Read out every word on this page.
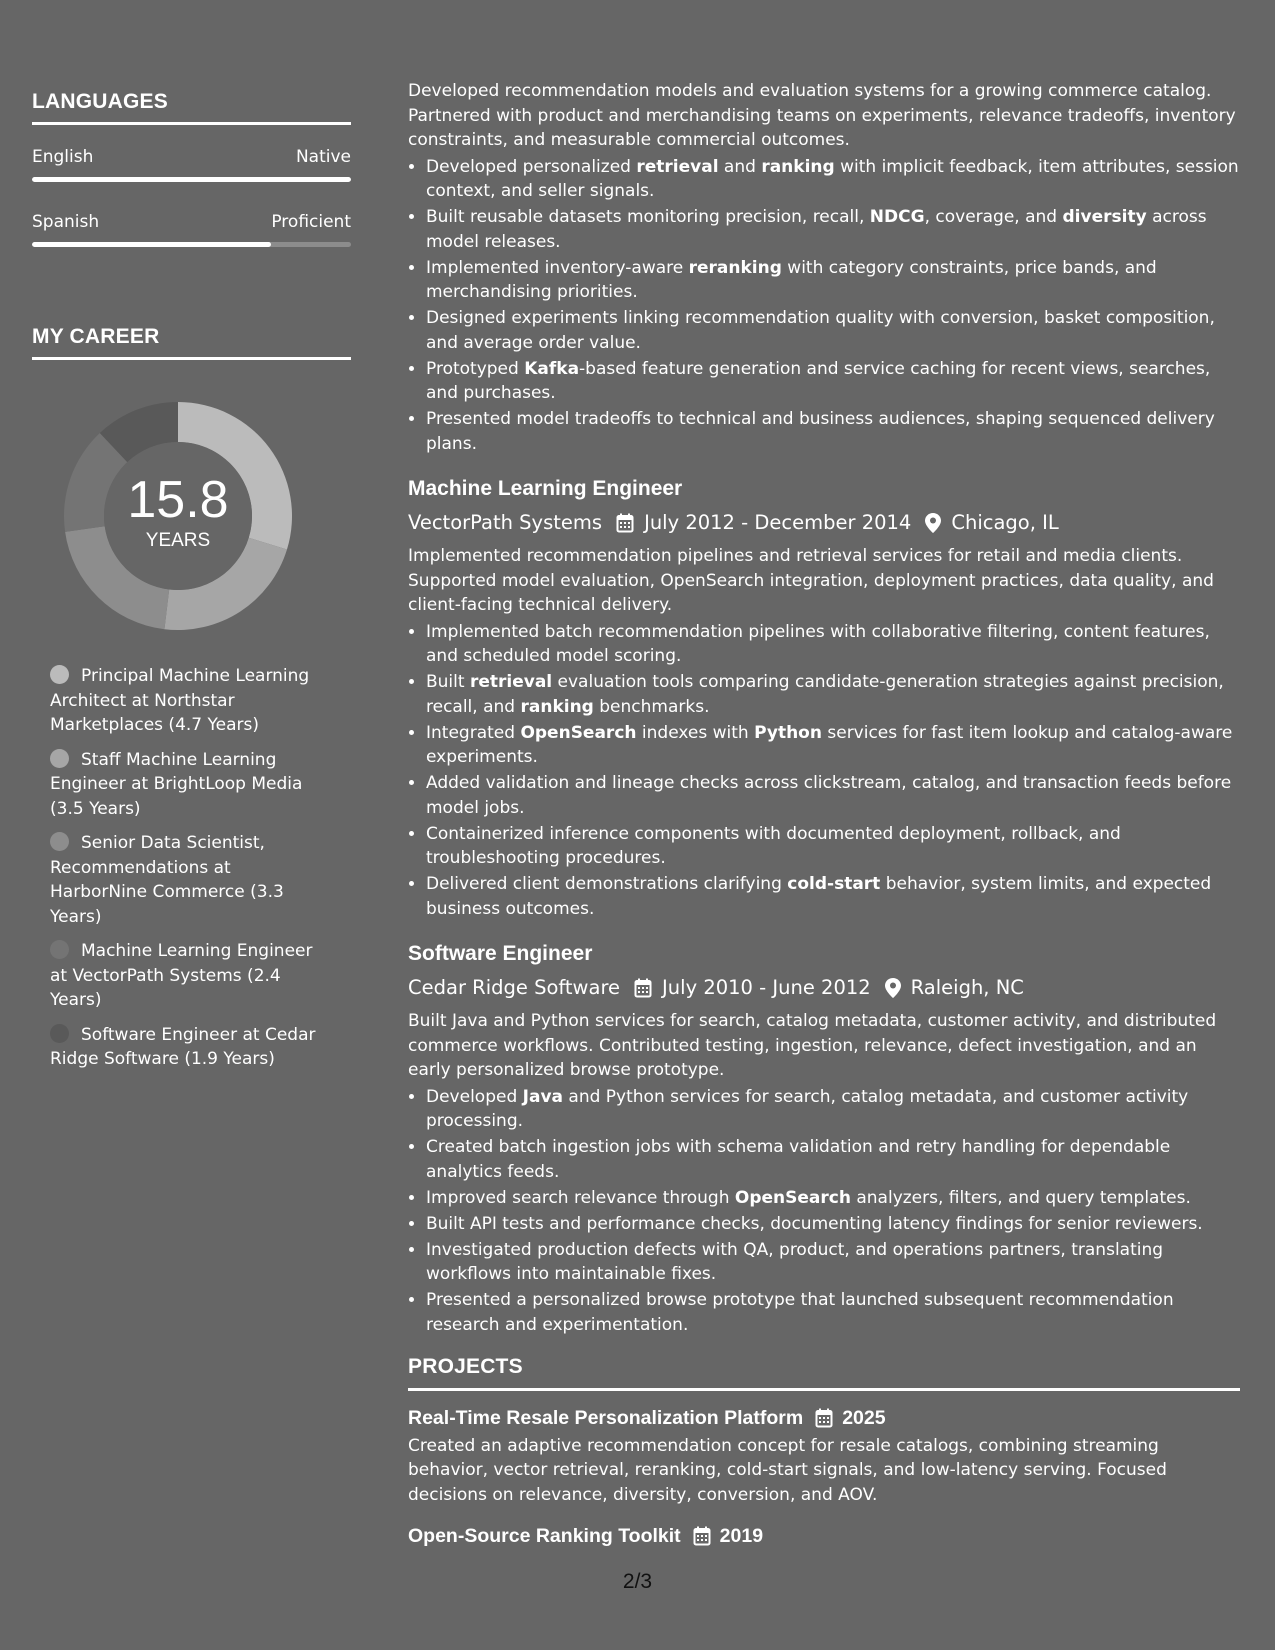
LANGUAGES
English	Native
Spanish	Proficient
MY CAREER
15.8
YEARS
Principal Machine Learning Architect at Northstar Marketplaces (4.7 Years)
Staff Machine Learning Engineer at BrightLoop Media (3.5 Years)
Senior Data Scientist, Recommendations at HarborNine Commerce (3.3 Years)
Machine Learning Engineer at VectorPath Systems (2.4 Years)
Software Engineer at Cedar Ridge Software (1.9 Years)

Developed recommendation models and evaluation systems for a growing commerce catalog. Partnered with product and merchandising teams on experiments, relevance tradeoffs, inventory constraints, and measurable commercial outcomes.

• Developed personalized retrieval and ranking with implicit feedback, item attributes, session context, and seller signals.
• Built reusable datasets monitoring precision, recall, NDCG, coverage, and diversity across model releases.
• Implemented inventory-aware reranking with category constraints, price bands, and merchandising priorities.
• Designed experiments linking recommendation quality with conversion, basket composition, and average order value.
• Prototyped Kafka-based feature generation and service caching for recent views, searches, and purchases.
• Presented model tradeoffs to technical and business audiences, shaping sequenced delivery plans.
Machine Learning Engineer
VectorPath Systems July 2012 - December 2014 Chicago, IL

Implemented recommendation pipelines and retrieval services for retail and media clients. Supported model evaluation, OpenSearch integration, deployment practices, data quality, and client-facing technical delivery.

• Implemented batch recommendation pipelines with collaborative filtering, content features, and scheduled model scoring.
• Built retrieval evaluation tools comparing candidate-generation strategies against precision, recall, and ranking benchmarks.
• Integrated OpenSearch indexes with Python services for fast item lookup and catalog-aware experiments.
• Added validation and lineage checks across clickstream, catalog, and transaction feeds before model jobs.
• Containerized inference components with documented deployment, rollback, and troubleshooting procedures.
• Delivered client demonstrations clarifying cold-start behavior, system limits, and expected business outcomes.
Software Engineer
Cedar Ridge Software July 2010 - June 2012 Raleigh, NC

Built Java and Python services for search, catalog metadata, customer activity, and distributed commerce workflows. Contributed testing, ingestion, relevance, defect investigation, and an early personalized browse prototype.

• Developed Java and Python services for search, catalog metadata, and customer activity processing.
• Created batch ingestion jobs with schema validation and retry handling for dependable analytics feeds.
• Improved search relevance through OpenSearch analyzers, filters, and query templates.
• Built API tests and performance checks, documenting latency findings for senior reviewers.
• Investigated production defects with QA, product, and operations partners, translating workflows into maintainable fixes.
• Presented a personalized browse prototype that launched subsequent recommendation research and experimentation.
PROJECTS
Real-Time Resale Personalization Platform 2025

Created an adaptive recommendation concept for resale catalogs, combining streaming behavior, vector retrieval, reranking, cold-start signals, and low-latency serving. Focused decisions on relevance, diversity, conversion, and AOV.

Open-Source Ranking Toolkit 2019
2/3
